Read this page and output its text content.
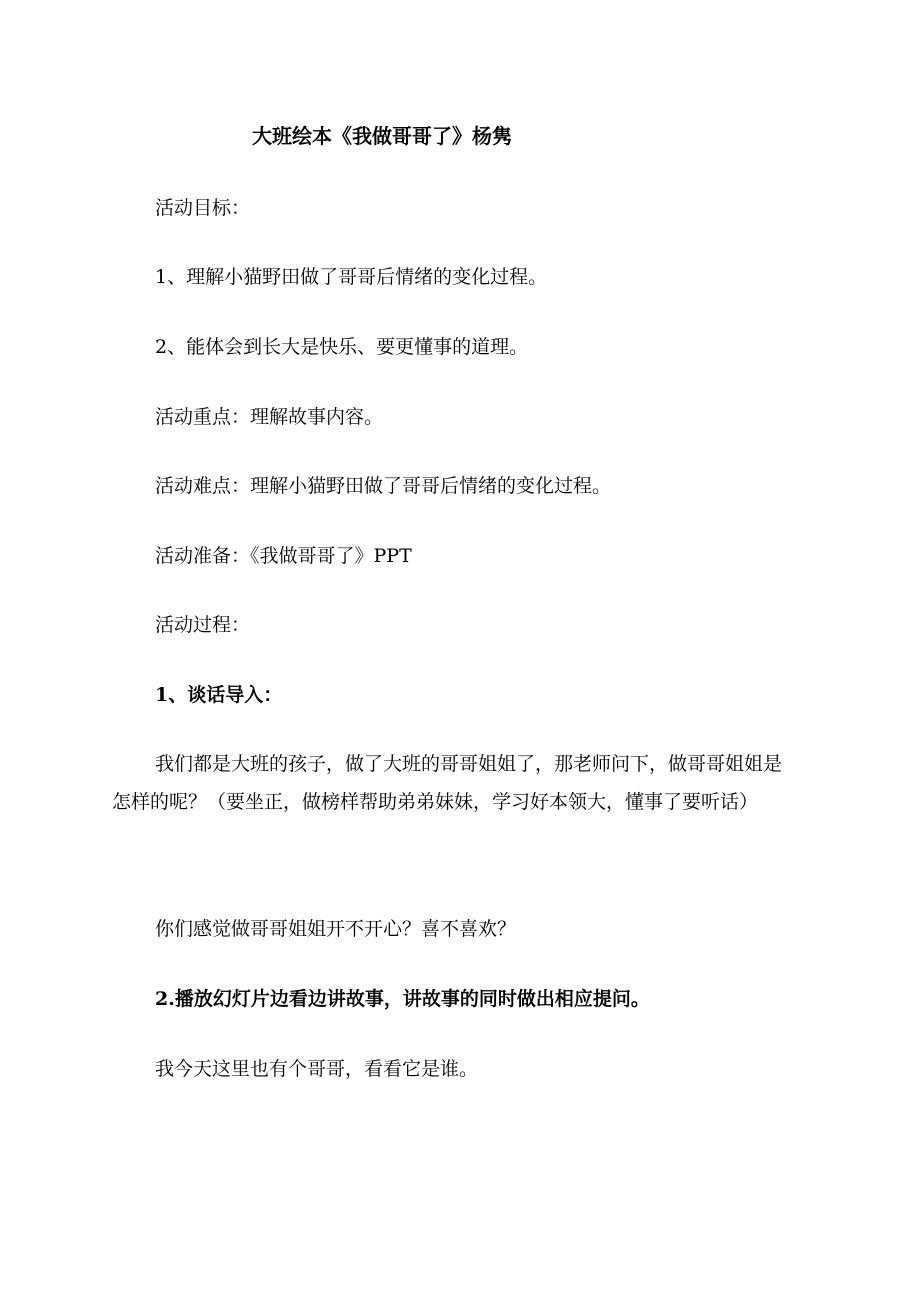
大班绘本《我做哥哥了》杨隽
活动目标：
1、理解小猫野田做了哥哥后情绪的变化过程。
2、能体会到长大是快乐、要更懂事的道理。
活动重点：理解故事内容。
活动难点：理解小猫野田做了哥哥后情绪的变化过程。
活动准备：《我做哥哥了》PPT
活动过程：
1、谈话导入：
我们都是大班的孩子，做了大班的哥哥姐姐了，那老师问下，做哥哥姐姐是怎样的呢？（要坐正，做榜样帮助弟弟妹妹，学习好本领大，懂事了要听话）
你们感觉做哥哥姐姐开不开心？喜不喜欢？
2.播放幻灯片边看边讲故事，讲故事的同时做出相应提问。
我今天这里也有个哥哥，看看它是谁。
